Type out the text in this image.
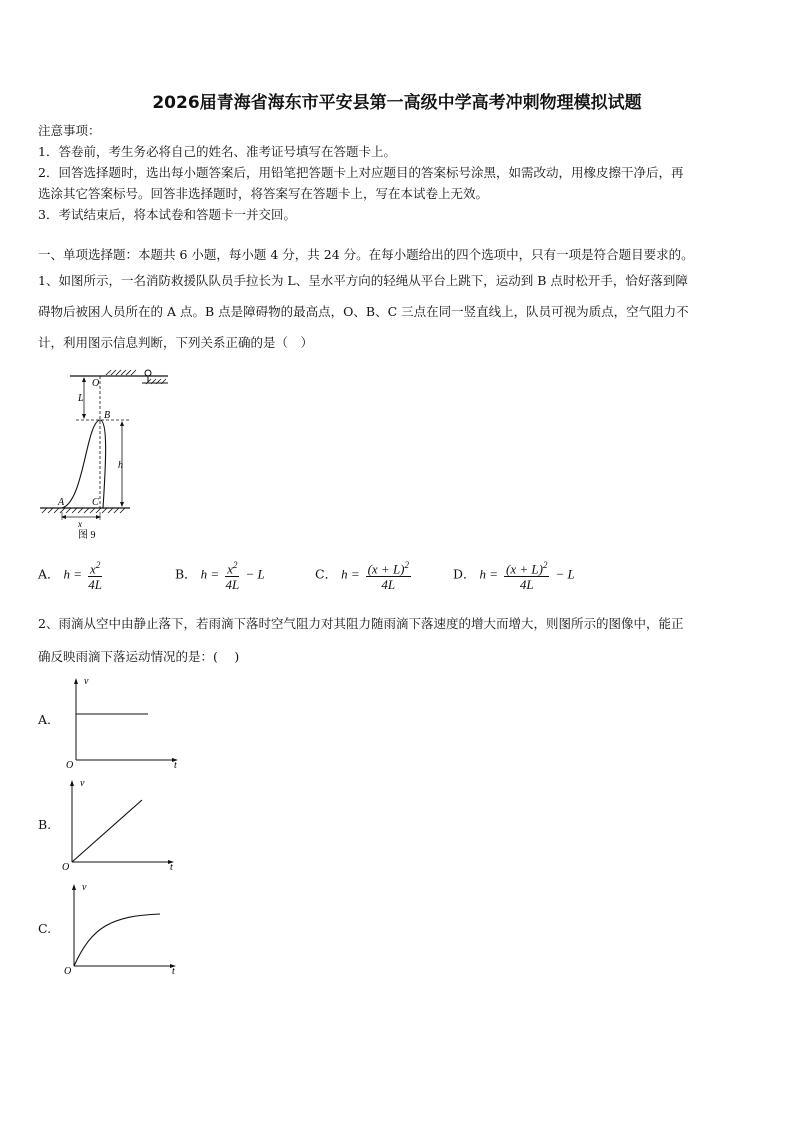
2026届青海省海东市平安县第一高级中学高考冲刺物理模拟试题
注意事项：
1．答卷前，考生务必将自己的姓名、准考证号填写在答题卡上。
2．回答选择题时，选出每小题答案后，用铅笔把答题卡上对应题目的答案标号涂黑，如需改动，用橡皮擦干净后，再
选涂其它答案标号。回答非选择题时，将答案写在答题卡上，写在本试卷上无效。
3．考试结束后，将本试卷和答题卡一并交回。
一、单项选择题：本题共 6 小题，每小题 4 分，共 24 分。在每小题给出的四个选项中，只有一项是符合题目要求的。
1、如图所示，一名消防救援队队员手拉长为 L、呈水平方向的轻绳从平台上跳下，运动到 B 点时松开手，恰好落到障
碍物后被困人员所在的 A 点。B 点是障碍物的最高点，O、B、C 三点在同一竖直线上，队员可视为质点，空气阻力不
计，利用图示信息判断，下列关系正确的是（　）
O
L
B
h
A	C
x
图 9
A． $h = \frac{x^2}{4L}$	B． $h = \frac{x^2}{4L} - L$	C． $h = \frac{(x + L)^2}{4L}$	D． $h = \frac{(x + L)^2}{4L} - L$
2、雨滴从空中由静止落下，若雨滴下落时空气阻力对其阻力随雨滴下落速度的增大而增大，则图所示的图像中，能正
确反映雨滴下落运动情况的是：(　 )
A.
v
t
O
B.
v
t
O
C.
v
t
O
